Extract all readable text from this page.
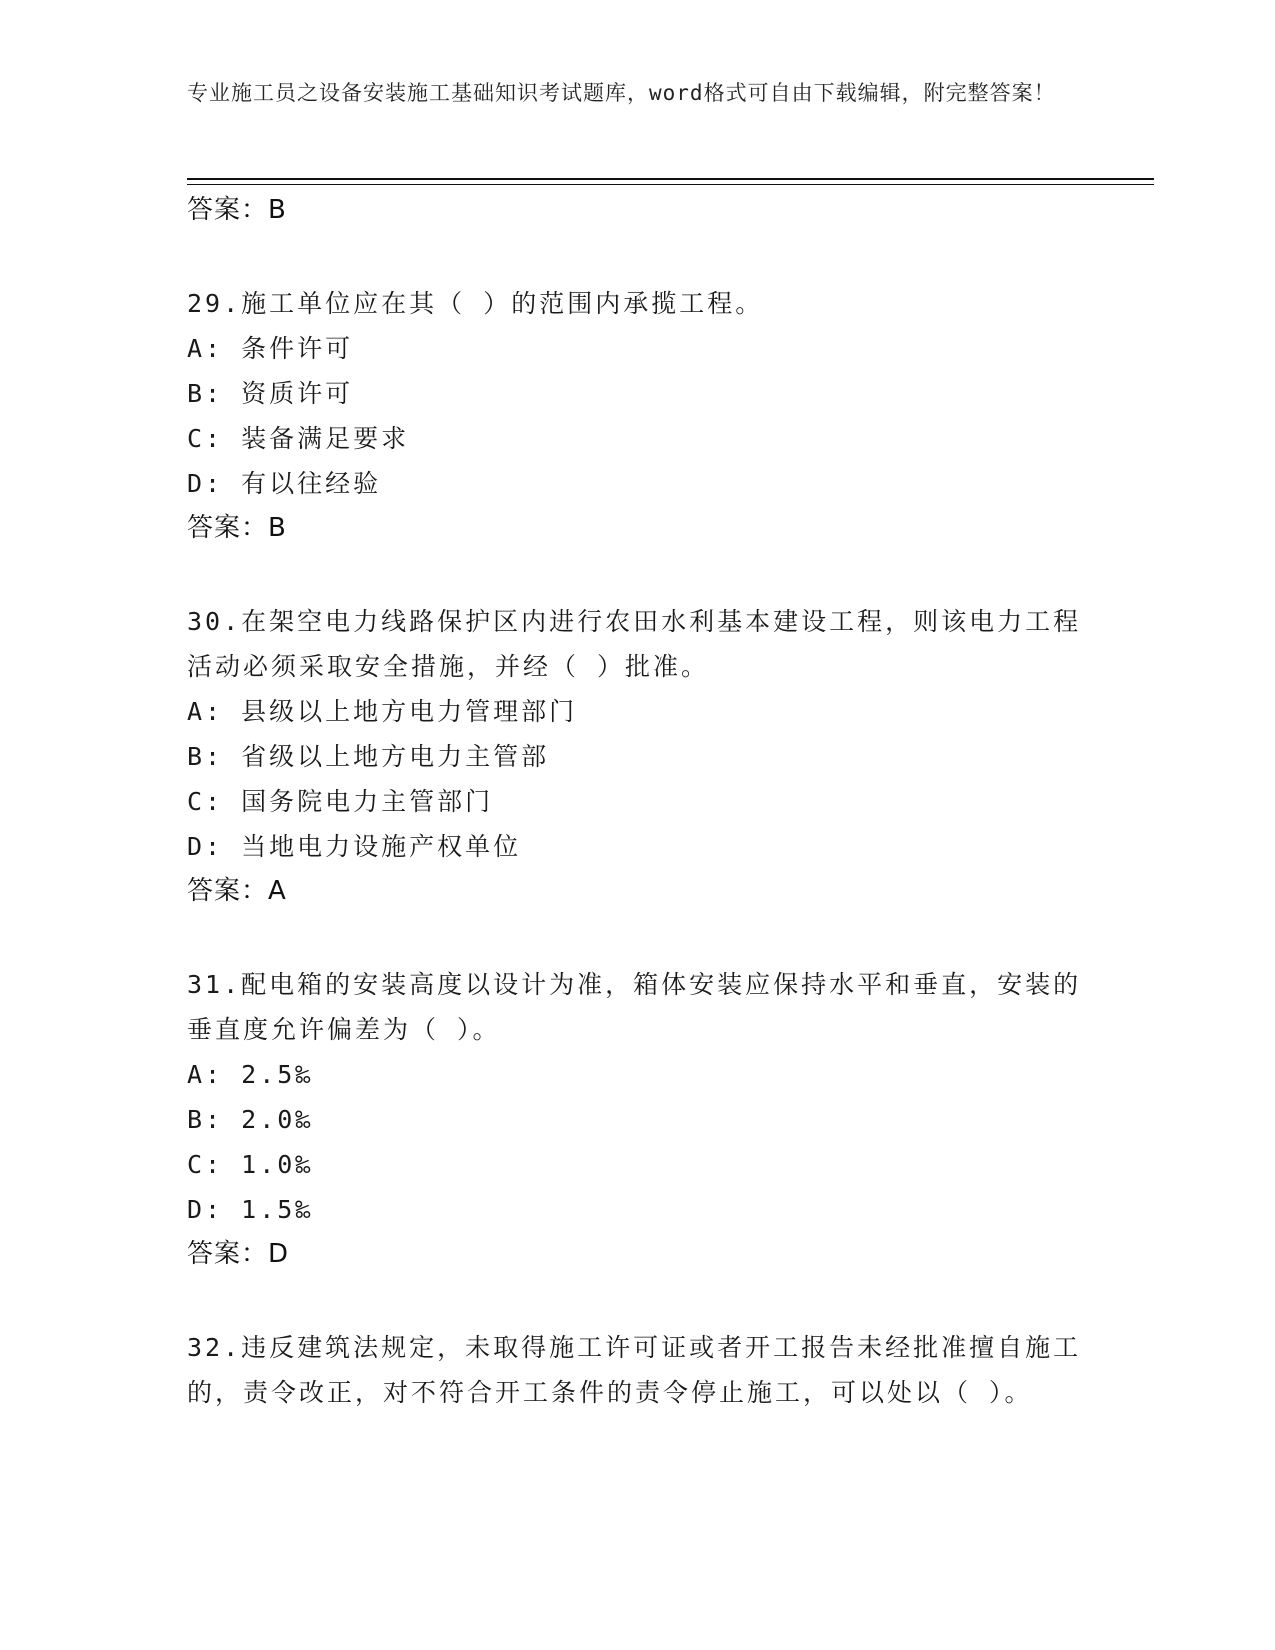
专业施工员之设备安装施工基础知识考试题库，word格式可自由下载编辑，附完整答案！
答案：B
29.施工单位应在其（ ）的范围内承揽工程。
A: 条件许可
B: 资质许可
C: 装备满足要求
D: 有以往经验
答案：B
30.在架空电力线路保护区内进行农田水利基本建设工程，则该电力工程活动必须采取安全措施，并经（ ）批准。
A: 县级以上地方电力管理部门
B: 省级以上地方电力主管部
C: 国务院电力主管部门
D: 当地电力设施产权单位
答案：A
31.配电箱的安装高度以设计为准，箱体安装应保持水平和垂直，安装的垂直度允许偏差为（ ）。
A: 2.5‰
B: 2.0‰
C: 1.0‰
D: 1.5‰
答案：D
32.违反建筑法规定，未取得施工许可证或者开工报告未经批准擅自施工的，责令改正，对不符合开工条件的责令停止施工，可以处以（ ）。
